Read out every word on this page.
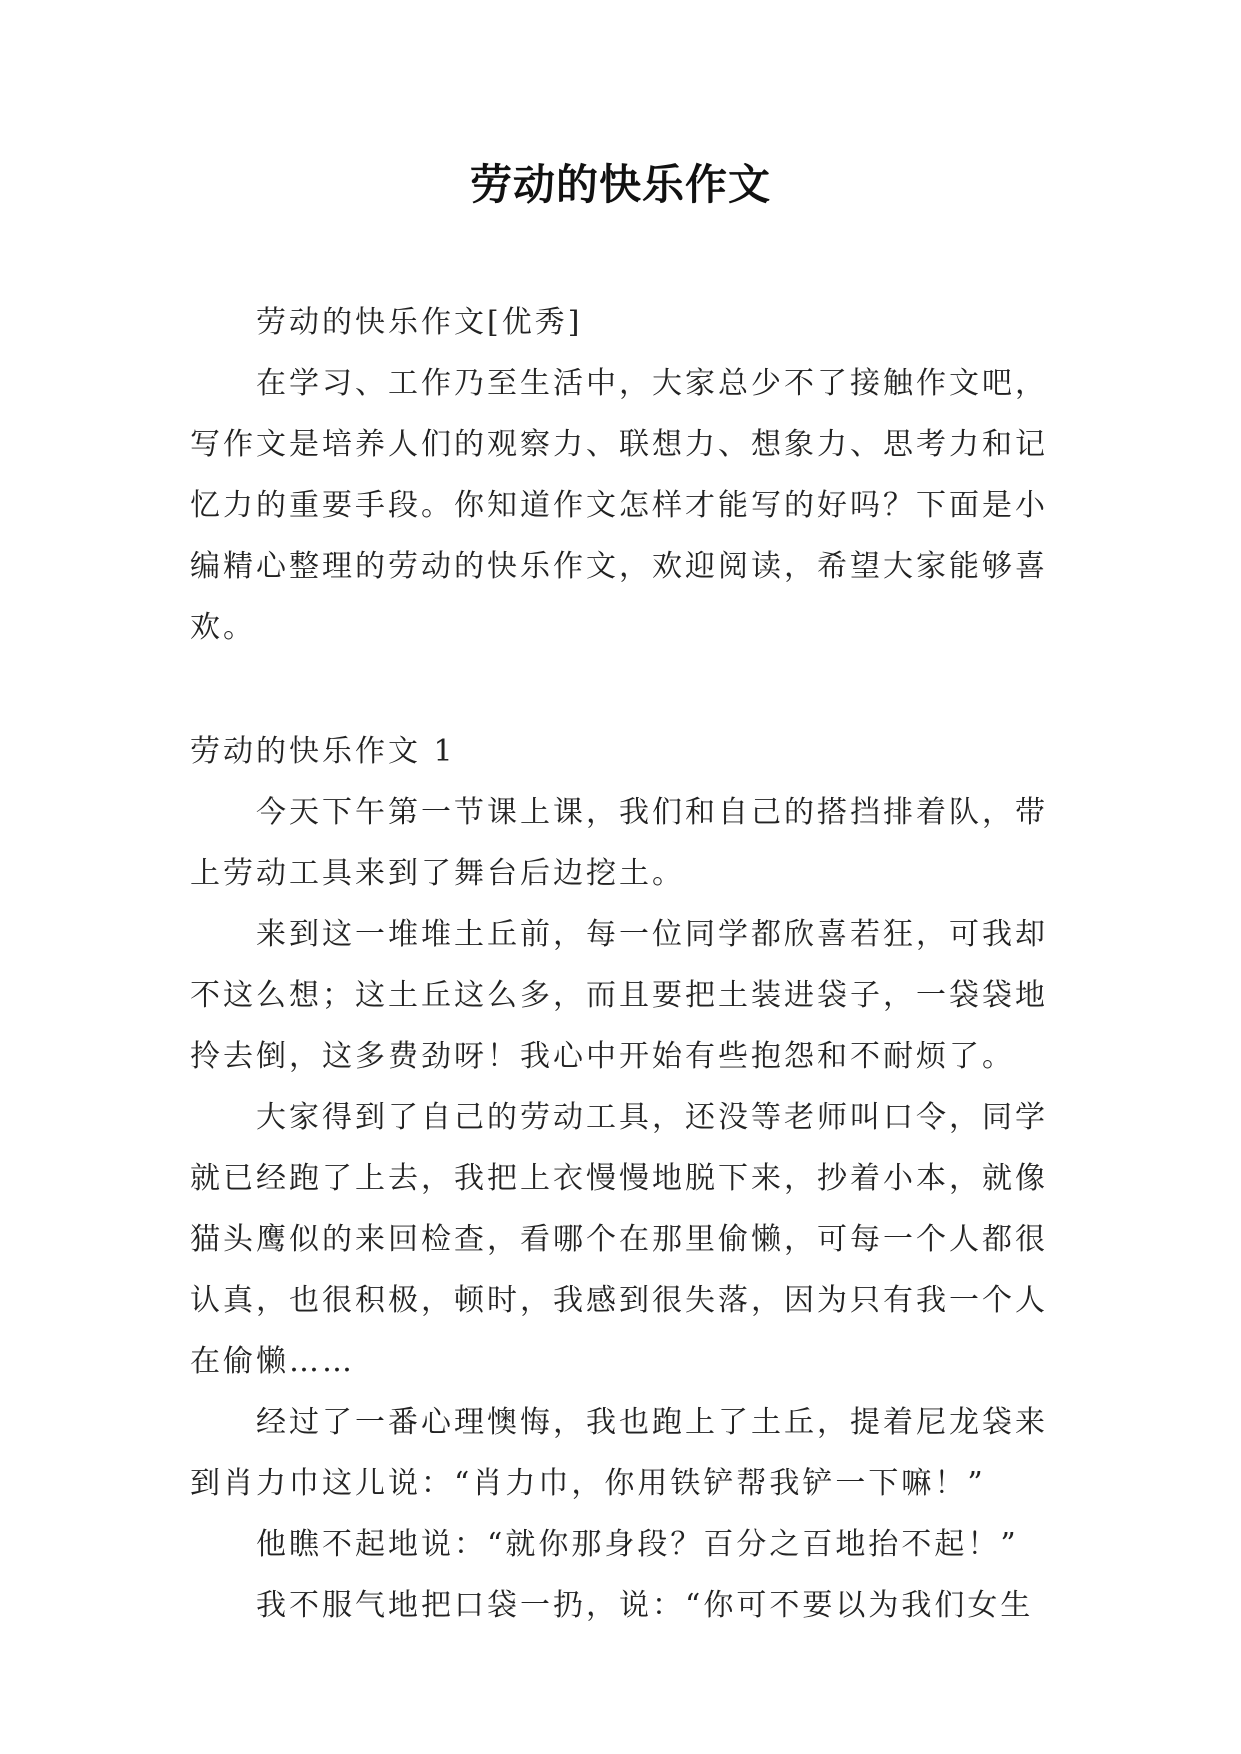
劳动的快乐作文

劳动的快乐作文[优秀]

在学习、工作乃至生活中，大家总少不了接触作文吧，写作文是培养人们的观察力、联想力、想象力、思考力和记忆力的重要手段。你知道作文怎样才能写的好吗？下面是小编精心整理的劳动的快乐作文，欢迎阅读，希望大家能够喜欢。

劳动的快乐作文 1

今天下午第一节课上课，我们和自己的搭挡排着队，带上劳动工具来到了舞台后边挖土。

来到这一堆堆土丘前，每一位同学都欣喜若狂，可我却不这么想；这土丘这么多，而且要把土装进袋子，一袋袋地拎去倒，这多费劲呀！我心中开始有些抱怨和不耐烦了。

大家得到了自己的劳动工具，还没等老师叫口令，同学就已经跑了上去，我把上衣慢慢地脱下来，抄着小本，就像猫头鹰似的来回检查，看哪个在那里偷懒，可每一个人都很认真，也很积极，顿时，我感到很失落，因为只有我一个人在偷懒……

经过了一番心理懊悔，我也跑上了土丘，提着尼龙袋来到肖力巾这儿说：“肖力巾，你用铁铲帮我铲一下嘛！”

他瞧不起地说：“就你那身段？百分之百地抬不起！”

我不服气地把口袋一扔，说：“你可不要以为我们女生
